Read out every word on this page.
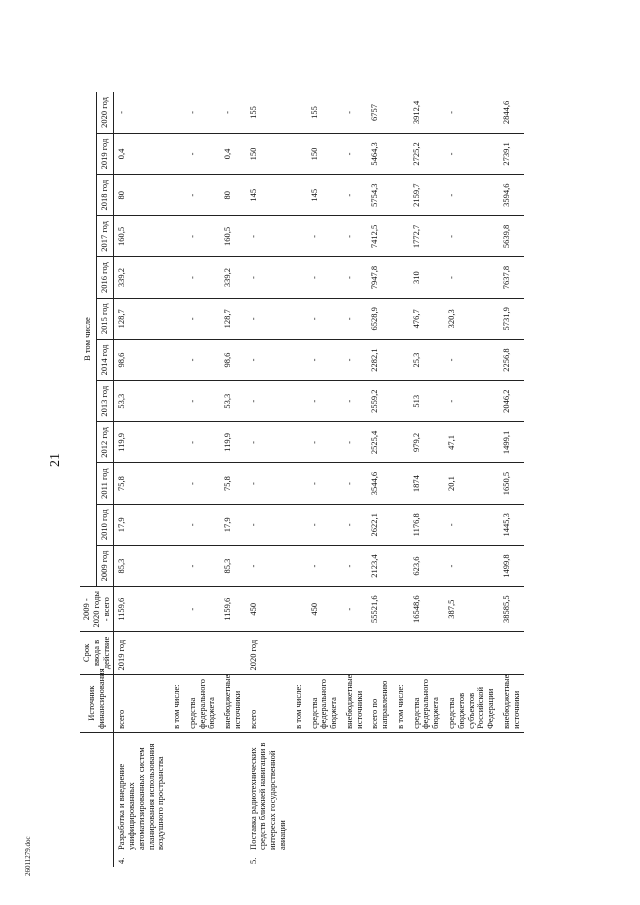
21
26011279.doc
		Источник финансирования	Срок ввода в действие	2009 - 2020 годы - всего	В том числе											
					2009 год	2010 год	2011 год	2012 год	2013 год	2014 год	2015 год	2016 год	2017 год	2018 год	2019 год	2020 год
4.	Разработка и внедрение унифицированных автоматизированных систем планирования использования воздушного пространства	всего	2019 год	1159,6	85,3	17,9	75,8	119,9	53,3	98,6	128,7	339,2	160,5	80	0,4	-
		в том числе:														
		средства федерального бюджета		-	-	-	-	-	-	-	-	-	-	-	-	-
		внебюджетные источники		1159,6	85,3	17,9	75,8	119,9	53,3	98,6	128,7	339,2	160,5	80	0,4	-
5.	Поставка радиотехнических средств ближней навигации в интересах государственной авиации	всего	2020 год	450	-	-	-	-	-	-	-	-	-	145	150	155
		в том числе:														
		средства федерального бюджета		450	-	-	-	-	-	-	-	-	-	145	150	155
		внебюджетные источники		-	-	-	-	-	-	-	-	-	-	-	-	-
		всего по направлению		55521,6	2123,4	2622,1	3544,6	2525,4	2559,2	2282,1	6528,9	7947,8	7412,5	5754,3	5464,3	6757
		в том числе:														
		средства федерального бюджета		16548,6	623,6	1176,8	1874	979,2	513	25,3	476,7	310	1772,7	2159,7	2725,2	3912,4
		средства бюджетов субъектов Российской Федерации		387,5	-	-	20,1	47,1	-	-	320,3	-	-	-	-	-
		внебюджетные источники		38585,5	1499,8	1445,3	1650,5	1499,1	2046,2	2256,8	5731,9	7637,8	5639,8	3594,6	2739,1	2844,6
